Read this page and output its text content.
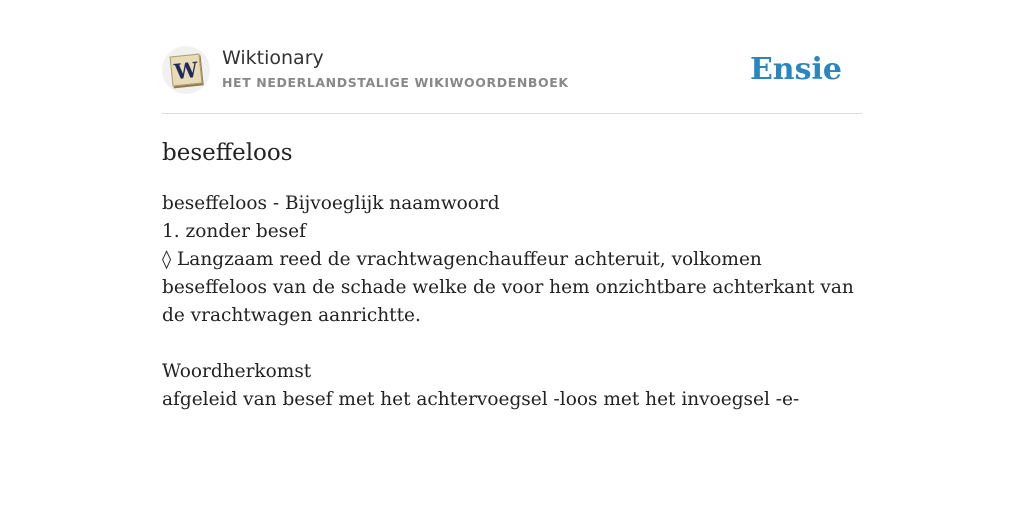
W Wiktionary
HET NEDERLANDSTALIGE WIKIWOORDENBOEK	Ensie
beseffeloos
beseffeloos - Bijvoeglijk naamwoord
1. zonder besef
◊ Langzaam reed de vrachtwagenchauffeur achteruit, volkomen beseffeloos van de schade welke de voor hem onzichtbare achterkant van de vrachtwagen aanrichtte.
Woordherkomst
afgeleid van besef met het achtervoegsel -loos met het invoegsel -e-
